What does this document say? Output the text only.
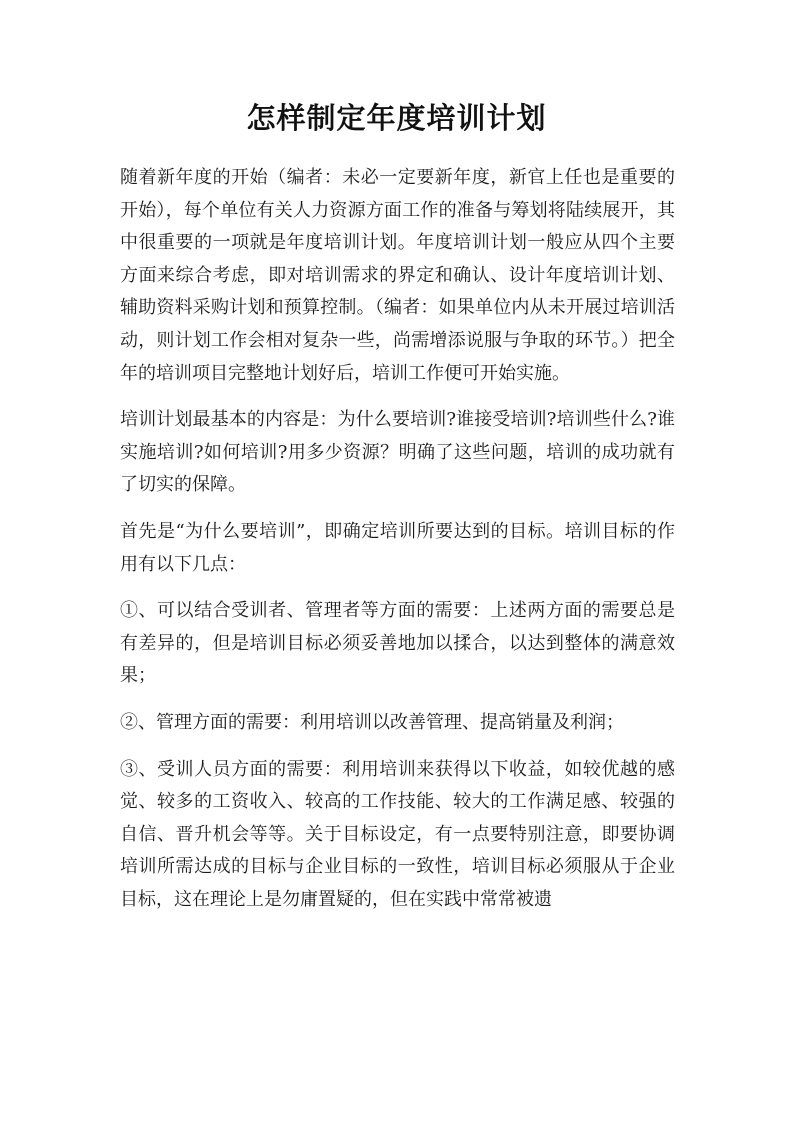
怎样制定年度培训计划

随着新年度的开始（编者：未必一定要新年度，新官上任也是重要的开始），每个单位有关人力资源方面工作的准备与筹划将陆续展开，其中很重要的一项就是年度培训计划。年度培训计划一般应从四个主要方面来综合考虑，即对培训需求的界定和确认、设计年度培训计划、辅助资料采购计划和预算控制。（编者：如果单位内从未开展过培训活动，则计划工作会相对复杂一些，尚需增添说服与争取的环节。）把全年的培训项目完整地计划好后，培训工作便可开始实施。

培训计划最基本的内容是：为什么要培训?谁接受培训?培训些什么?谁实施培训?如何培训?用多少资源？明确了这些问题，培训的成功就有了切实的保障。

首先是“为什么要培训”，即确定培训所要达到的目标。培训目标的作用有以下几点：

①、可以结合受训者、管理者等方面的需要：上述两方面的需要总是有差异的，但是培训目标必须妥善地加以揉合，以达到整体的满意效果；

②、管理方面的需要：利用培训以改善管理、提高销量及利润；

③、受训人员方面的需要：利用培训来获得以下收益，如较优越的感觉、较多的工资收入、较高的工作技能、较大的工作满足感、较强的自信、晋升机会等等。关于目标设定，有一点要特别注意，即要协调培训所需达成的目标与企业目标的一致性，培训目标必须服从于企业目标，这在理论上是勿庸置疑的，但在实践中常常被遗
